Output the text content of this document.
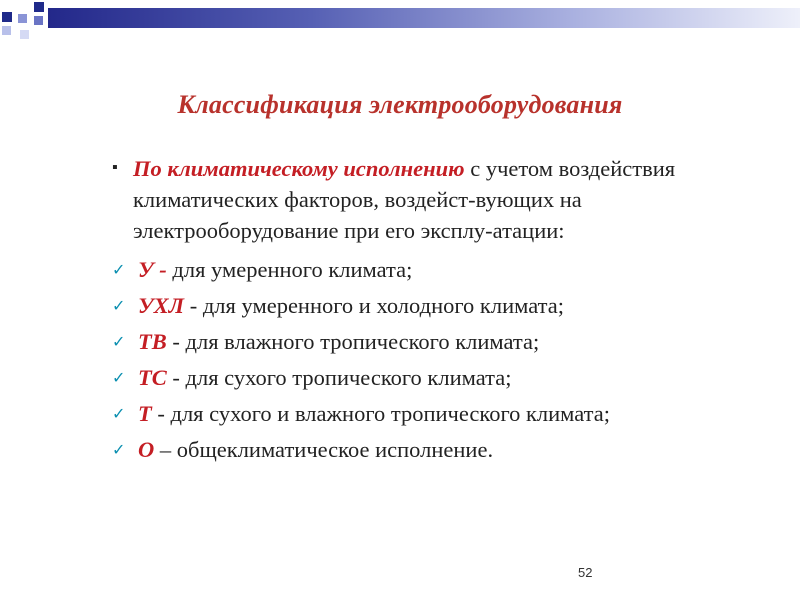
Классификация электрооборудования
▪ По климатическому исполнению с учетом воздействия климатических факторов, воздейст-вующих на электрооборудование при его эксплу-атации:
✓ У - для умеренного климата;
✓ УХЛ - для умеренного и холодного климата;
✓ ТВ - для влажного тропического климата;
✓ ТС - для сухого тропического климата;
✓ Т - для сухого и влажного тропического климата;
✓ О – общеклиматическое исполнение.
52
